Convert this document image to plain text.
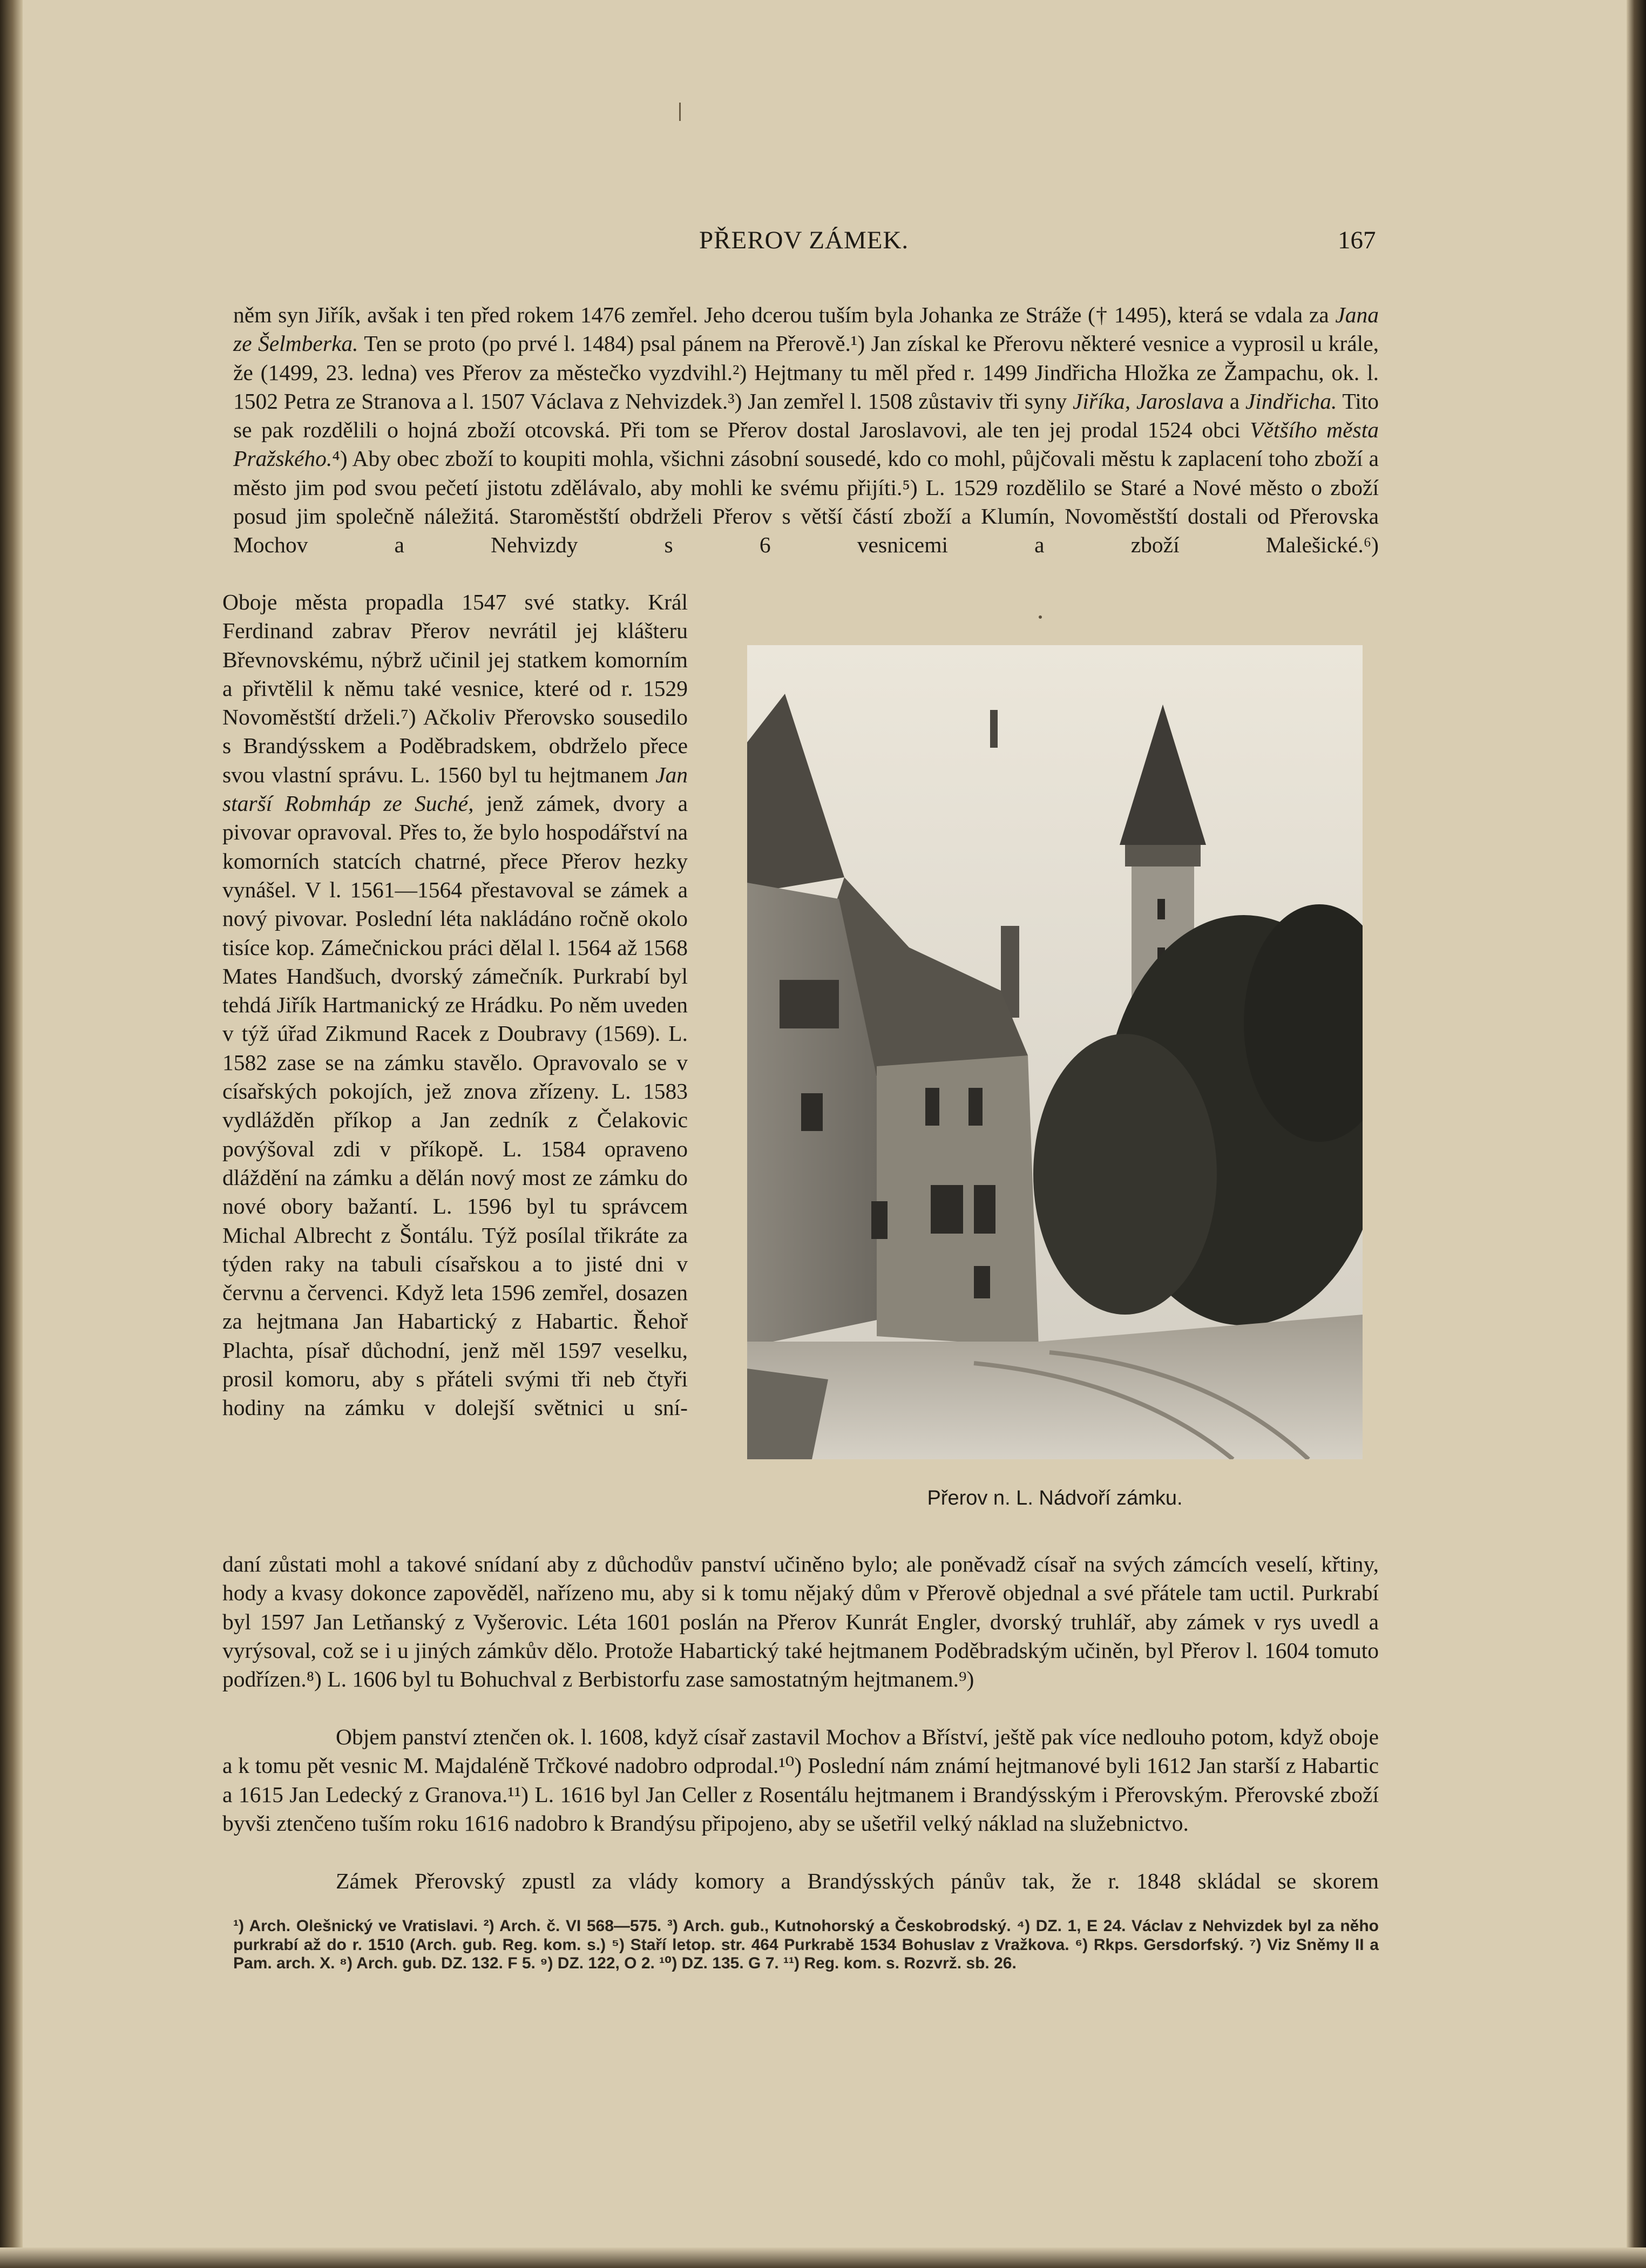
PŘEROV ZÁMEK.	167

něm syn Jiřík, avšak i ten před rokem 1476 zemřel. Jeho dcerou tuším byla Johanka ze Stráže († 1495), která se vdala za Jana ze Šelmberka. Ten se proto (po prvé l. 1484) psal pánem na Přerově.¹) Jan získal ke Přerovu některé vesnice a vyprosil u krále, že (1499, 23. ledna) ves Přerov za městečko vyzdvihl.²) Hejtmany tu měl před r. 1499 Jindřicha Hložka ze Žampachu, ok. l. 1502 Petra ze Stranova a l. 1507 Václava z Nehvizdek.³) Jan zemřel l. 1508 zůstaviv tři syny Jiříka, Jaroslava a Jindřicha. Tito se pak rozdělili o hojná zboží otcovská. Při tom se Přerov dostal Jaroslavovi, ale ten jej prodal 1524 obci Většího města Pražského.⁴) Aby obec zboží to koupiti mohla, všichni zásobní sousedé, kdo co mohl, půjčovali městu k zaplacení toho zboží a město jim pod svou pečetí jistotu zdělávalo, aby mohli ke svému přijíti.⁵) L. 1529 rozdělilo se Staré a Nové město o zboží posud jim společně náležitá. Staroměstští obdrželi Přerov s větší částí zboží a Klumín, Novoměstští dostali od Přerovska Mochov a Nehvizdy s 6 vesnicemi a zboží Malešické.⁶)

Oboje města propadla 1547 své statky. Král Ferdinand zabrav Přerov nevrátil jej klášteru Břevnovskému, nýbrž učinil jej statkem komorním a přivtělil k němu také vesnice, které od r. 1529 Novoměstští drželi.⁷) Ačkoliv Přerovsko sousedilo s Brandýsskem a Poděbradskem, obdrželo přece svou vlastní správu. L. 1560 byl tu hejtmanem Jan starší Robmháp ze Suché, jenž zámek, dvory a pivovar opravoval. Přes to, že bylo hospodářství na komorních statcích chatrné, přece Přerov hezky vynášel. V l. 1561—1564 přestavoval se zámek a nový pivovar. Poslední léta nakládáno ročně okolo tisíce kop. Zámečnickou práci dělal l. 1564 až 1568 Mates Handšuch, dvorský zámečník. Purkrabí byl tehdá Jiřík Hartmanický ze Hrádku. Po něm uveden v týž úřad Zikmund Racek z Doubravy (1569). L. 1582 zase se na zámku stavělo. Opravovalo se v císařských pokojích, jež znova zřízeny. L. 1583 vydlážděn příkop a Jan zedník z Čelakovic povýšoval zdi v příkopě. L. 1584 opraveno dláždění na zámku a dělán nový most ze zámku do nové obory bažantí. L. 1596 byl tu správcem Michal Albrecht z Šontálu. Týž posílal třikráte za týden raky na tabuli císařskou a to jisté dni v červnu a červenci. Když leta 1596 zemřel, dosazen za hejtmana Jan Habartický z Habartic. Řehoř Plachta, písař důchodní, jenž měl 1597 veselku, prosil komoru, aby s přáteli svými tři neb čtyři hodiny na zámku v dolejší světnici u sní-

Přerov n. L. Nádvoří zámku.

daní zůstati mohl a takové snídaní aby z důchodův panství učiněno bylo; ale poněvadž císař na svých zámcích veselí, křtiny, hody a kvasy dokonce zapověděl, nařízeno mu, aby si k tomu nějaký dům v Přerově objednal a své přátele tam uctil. Purkrabí byl 1597 Jan Letňanský z Vyšerovic. Léta 1601 poslán na Přerov Kunrát Engler, dvorský truhlář, aby zámek v rys uvedl a vyrýsoval, což se i u jiných zámkův dělo. Protože Habartický také hejtmanem Poděbradským učiněn, byl Přerov l. 1604 tomuto podřízen.⁸) L. 1606 byl tu Bohuchval z Berbistorfu zase samostatným hejtmanem.⁹)

Objem panství ztenčen ok. l. 1608, když císař zastavil Mochov a Bříství, ještě pak více nedlouho potom, když oboje a k tomu pět vesnic M. Majdaléně Trčkové nadobro odprodal.¹⁰) Poslední nám známí hejtmanové byli 1612 Jan starší z Habartic a 1615 Jan Ledecký z Granova.¹¹) L. 1616 byl Jan Celler z Rosentálu hejtmanem i Brandýsským i Přerovským. Přerovské zboží byvši ztenčeno tuším roku 1616 nadobro k Brandýsu připojeno, aby se ušetřil velký náklad na služebnictvo.

Zámek Přerovský zpustl za vlády komory a Brandýsských pánův tak, že r. 1848 skládal se skorem

¹) Arch. Olešnický ve Vratislavi. ²) Arch. č. VI 568—575. ³) Arch. gub., Kutnohorský a Českobrodský. ⁴) DZ. 1, E 24. Václav z Nehvizdek byl za něho purkrabí až do r. 1510 (Arch. gub. Reg. kom. s.) ⁵) Staří letop. str. 464 Purkrabě 1534 Bohuslav z Vražkova. ⁶) Rkps. Gersdorfský. ⁷) Viz Sněmy II a Pam. arch. X. ⁸) Arch. gub. DZ. 132. F 5. ⁹) DZ. 122, O 2. ¹⁰) DZ. 135. G 7. ¹¹) Reg. kom. s. Rozvrž. sb. 26.
